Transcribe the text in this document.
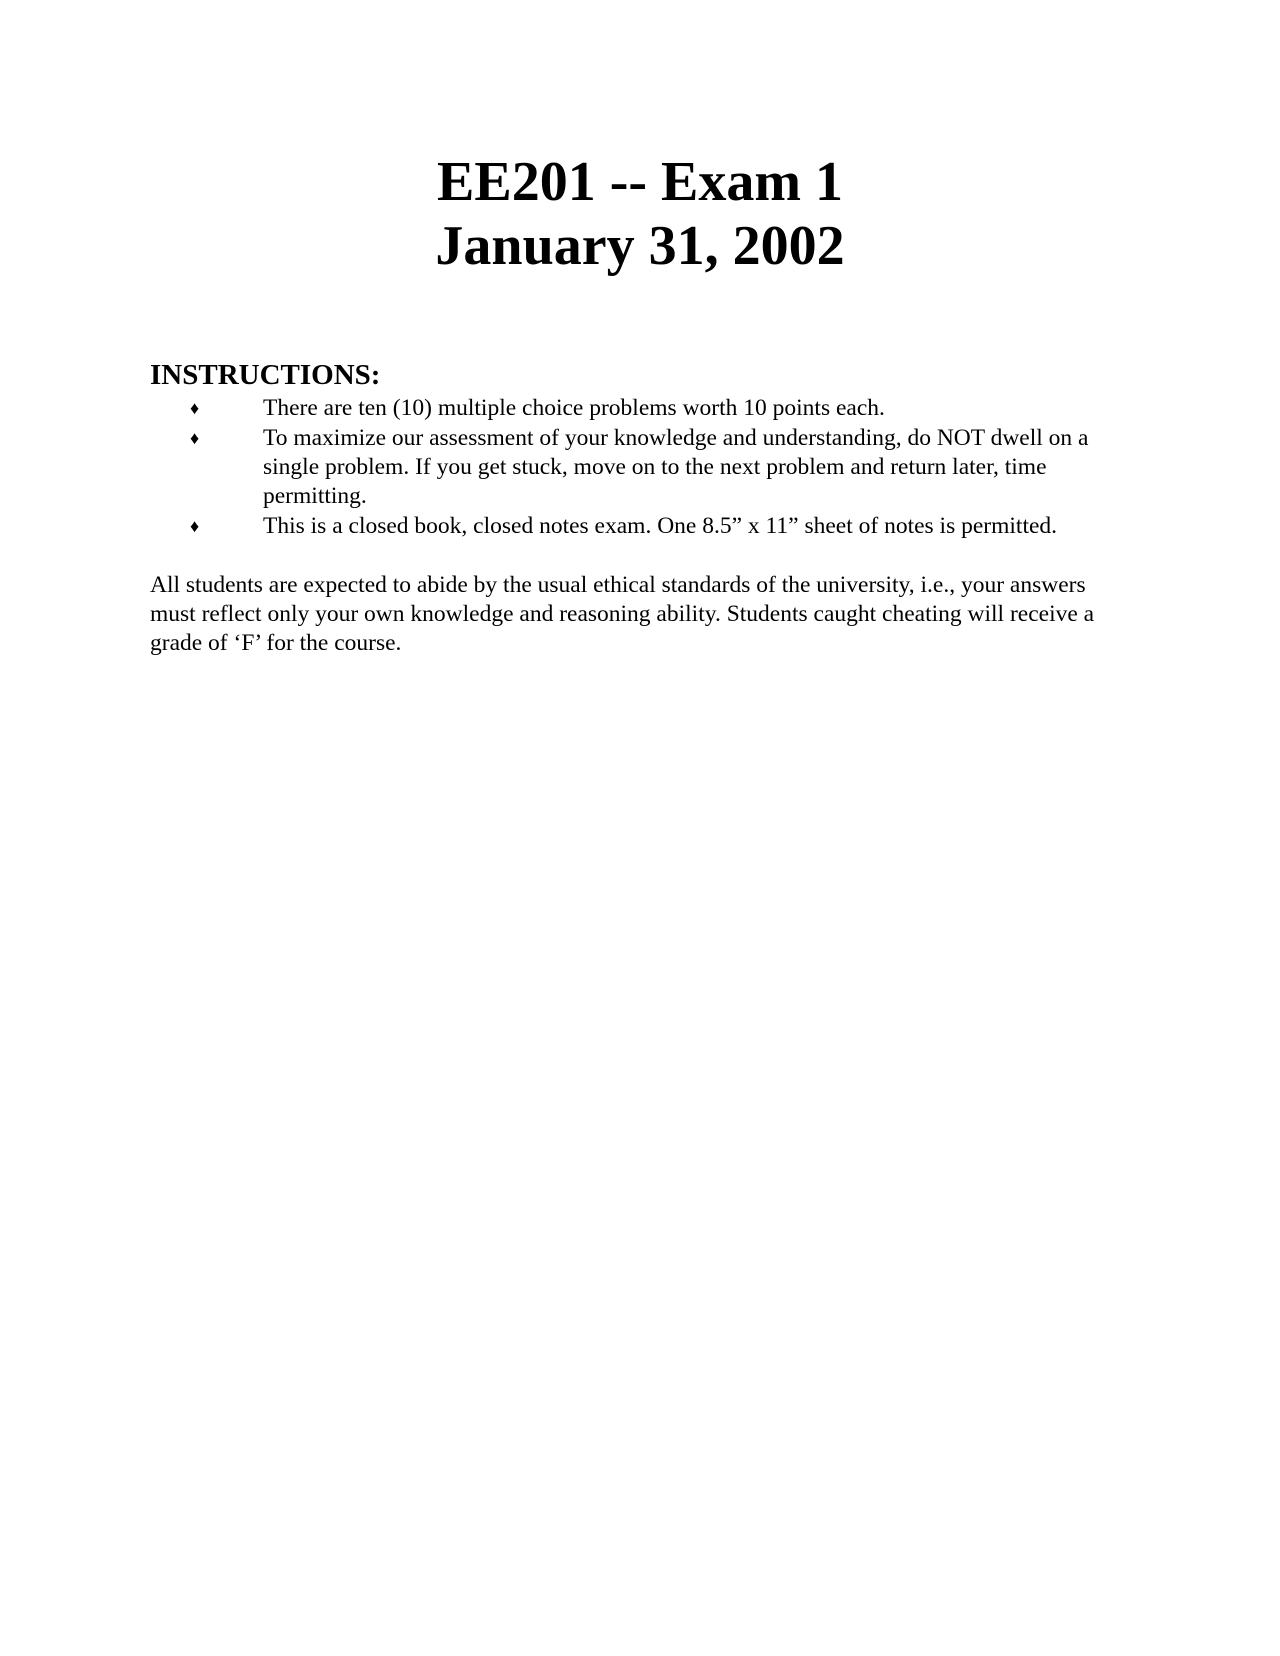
EE201 -- Exam 1
January 31, 2002
INSTRUCTIONS:
♦	There are ten (10) multiple choice problems worth 10 points each.
♦	To maximize our assessment of your knowledge and understanding, do NOT dwell on a single problem. If you get stuck, move on to the next problem and return later, time permitting.
♦	This is a closed book, closed notes exam. One 8.5” x 11” sheet of notes is permitted.

All students are expected to abide by the usual ethical standards of the university, i.e., your answers must reflect only your own knowledge and reasoning ability. Students caught cheating will receive a grade of ‘F’ for the course.
